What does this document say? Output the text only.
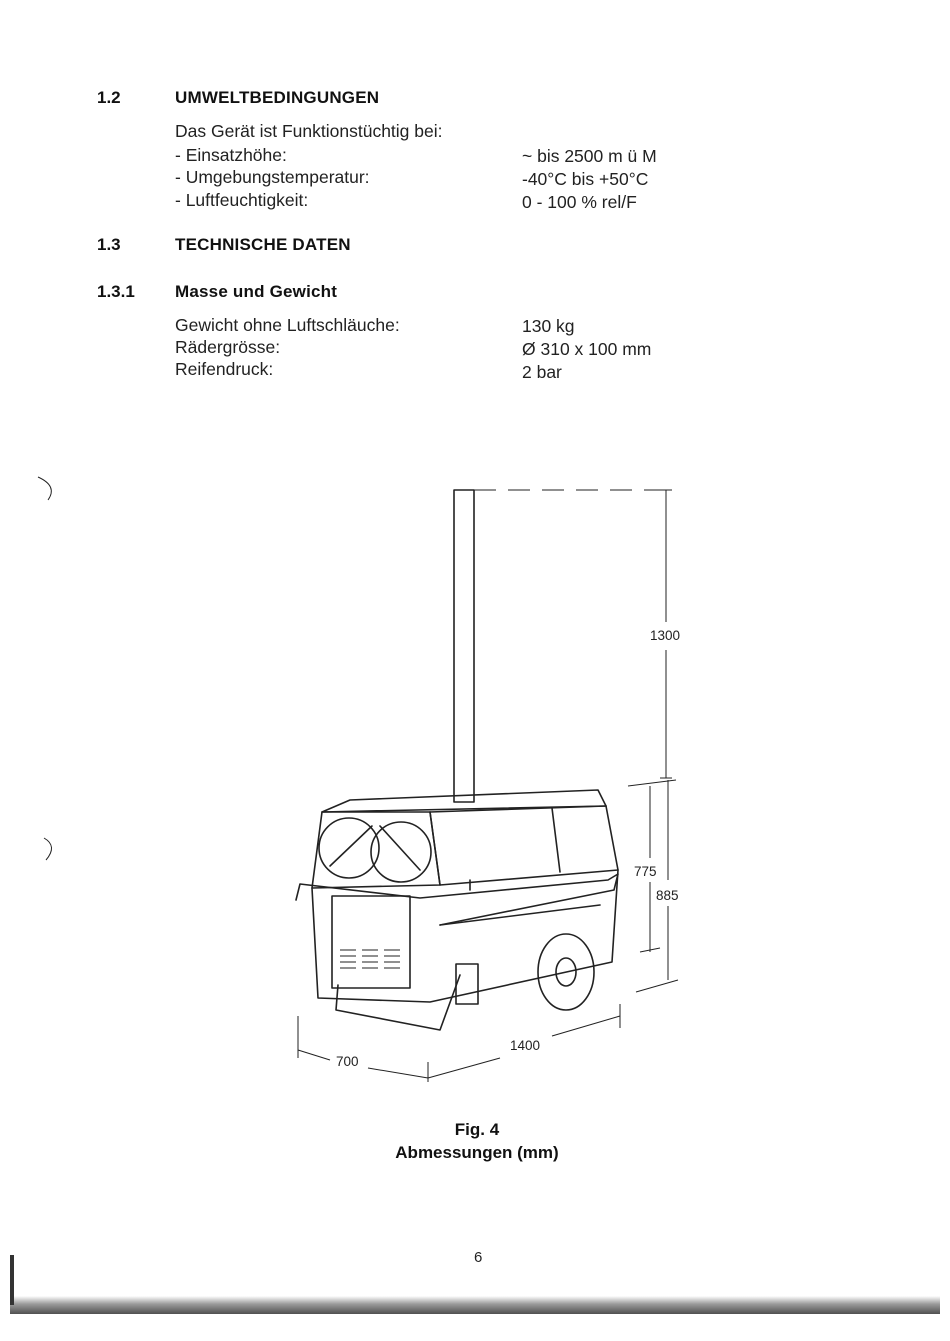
1.2	UMWELTBEDINGUNGEN
Das Gerät ist Funktionstüchtig bei:
- Einsatzhöhe:	~ bis 2500 m ü M
- Umgebungstemperatur:	-40°C bis +50°C
- Luftfeuchtigkeit:	0 - 100 % rel/F
1.3	TECHNISCHE DATEN
1.3.1 Masse und Gewicht
Gewicht ohne Luftschläuche:	130 kg
Rädergrösse:	Ø 310 x 100 mm
Reifendruck:	2 bar
1300
775
885
700
1400
Fig. 4
Abmessungen (mm)
6
